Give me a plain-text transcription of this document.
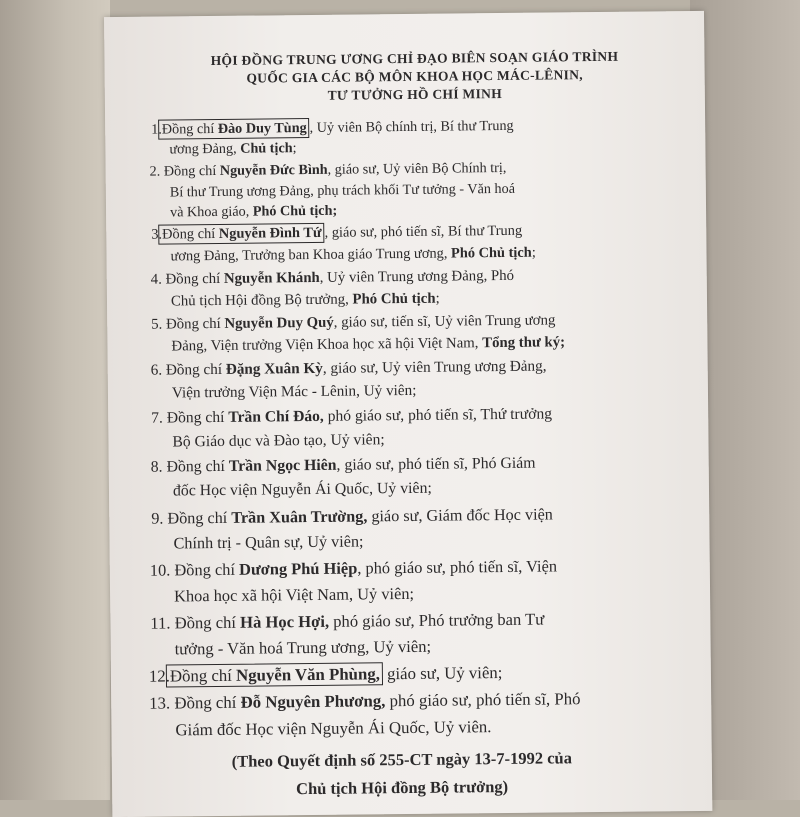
HỘI ĐỒNG TRUNG ƯƠNG CHỈ ĐẠO BIÊN SOẠN GIÁO TRÌNH
QUỐC GIA CÁC BỘ MÔN KHOA HỌC MÁC-LÊNIN,
TƯ TƯỞNG HỒ CHÍ MINH
1.Đồng chí Đào Duy Tùng , Uỷ viên Bộ chính trị, Bí thư Trung
ương Đảng, Chủ tịch;
2. Đồng chí Nguyễn Đức Bình, giáo sư, Uỷ viên Bộ Chính trị,
Bí thư Trung ương Đảng, phụ trách khối Tư tưởng - Văn hoá
và Khoa giáo, Phó Chủ tịch;
3.Đồng chí Nguyễn Đình Tứ , giáo sư, phó tiến sĩ, Bí thư Trung
ương Đảng, Trưởng ban Khoa giáo Trung ương, Phó Chủ tịch;
4. Đồng chí Nguyễn Khánh, Uỷ viên Trung ương Đảng, Phó
Chủ tịch Hội đồng Bộ trưởng, Phó Chủ tịch;
5. Đồng chí Nguyễn Duy Quý, giáo sư, tiến sĩ, Uỷ viên Trung ương
Đảng, Viện trưởng Viện Khoa học xã hội Việt Nam, Tổng thư ký;
6. Đồng chí Đặng Xuân Kỳ, giáo sư, Uỷ viên Trung ương Đảng,
Viện trưởng Viện Mác - Lênin, Uỷ viên;
7. Đồng chí Trần Chí Đáo, phó giáo sư, phó tiến sĩ, Thứ trưởng
Bộ Giáo dục và Đào tạo, Uỷ viên;
8. Đồng chí Trần Ngọc Hiên, giáo sư, phó tiến sĩ, Phó Giám
đốc Học viện Nguyễn Ái Quốc, Uỷ viên;
9. Đồng chí Trần Xuân Trường, giáo sư, Giám đốc Học viện
Chính trị - Quân sự, Uỷ viên;
10. Đồng chí Dương Phú Hiệp, phó giáo sư, phó tiến sĩ, Viện
Khoa học xã hội Việt Nam, Uỷ viên;
11. Đồng chí Hà Học Hợi, phó giáo sư, Phó trưởng ban Tư
tưởng - Văn hoá Trung ương, Uỷ viên;
12.Đồng chí Nguyễn Văn Phùng, giáo sư, Uỷ viên;
13. Đồng chí Đỗ Nguyên Phương, phó giáo sư, phó tiến sĩ, Phó
Giám đốc Học viện Nguyễn Ái Quốc, Uỷ viên.
(Theo Quyết định số 255-CT ngày 13-7-1992 của
Chủ tịch Hội đồng Bộ trưởng)
